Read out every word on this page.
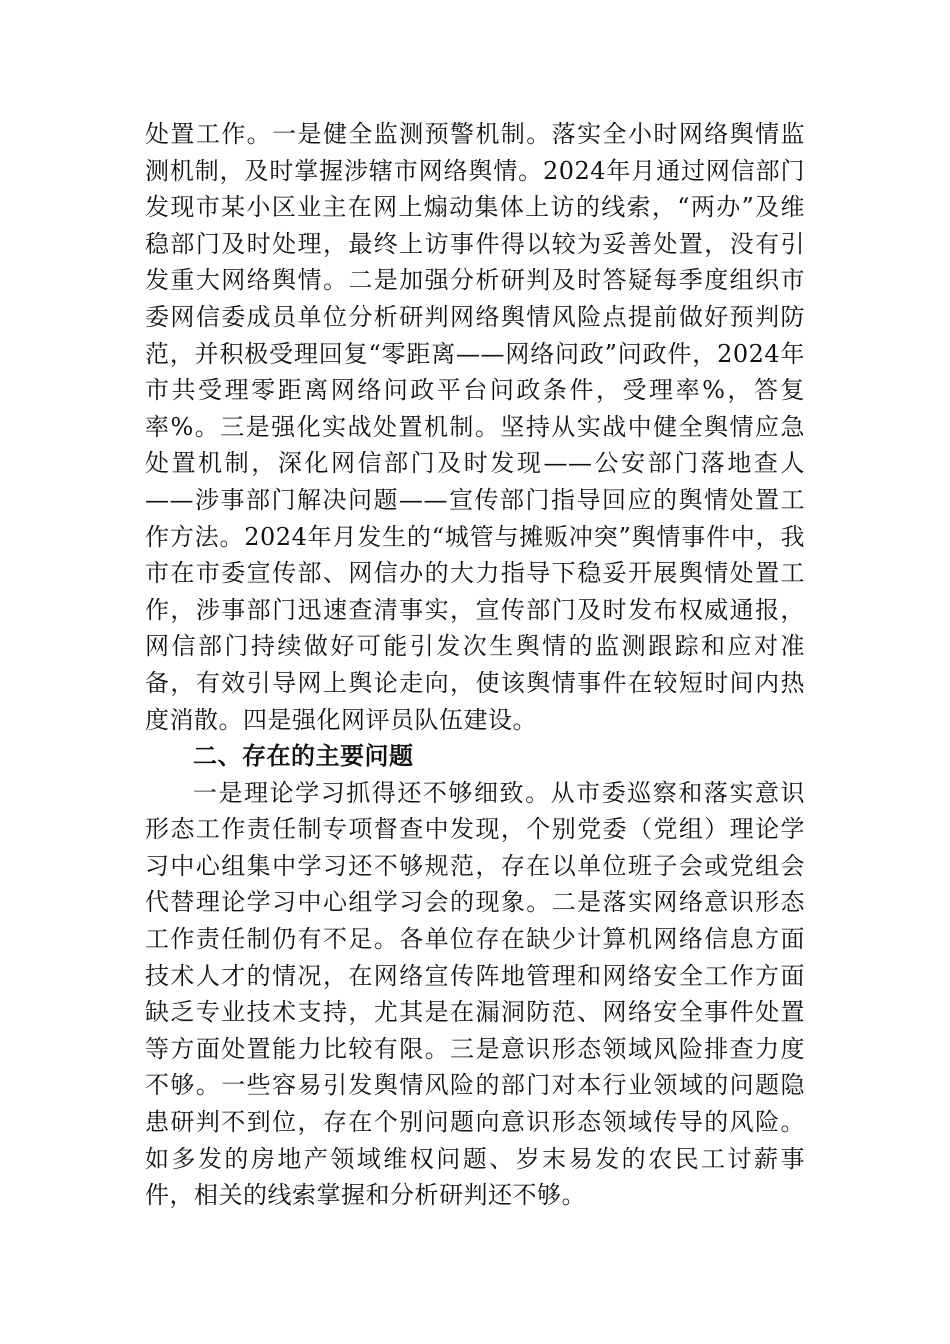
处置工作。一是健全监测预警机制。落实全小时网络舆情监测机制，及时掌握涉辖市网络舆情。2024年月通过网信部门发现市某小区业主在网上煽动集体上访的线索，“两办”及维稳部门及时处理，最终上访事件得以较为妥善处置，没有引发重大网络舆情。二是加强分析研判及时答疑每季度组织市委网信委成员单位分析研判网络舆情风险点提前做好预判防范，并积极受理回复“零距离——网络问政”问政件，2024年市共受理零距离网络问政平台问政条件，受理率%，答复率%。三是强化实战处置机制。坚持从实战中健全舆情应急处置机制，深化网信部门及时发现——公安部门落地查人——涉事部门解决问题——宣传部门指导回应的舆情处置工作方法。2024年月发生的“城管与摊贩冲突”舆情事件中，我市在市委宣传部、网信办的大力指导下稳妥开展舆情处置工作，涉事部门迅速查清事实，宣传部门及时发布权威通报，网信部门持续做好可能引发次生舆情的监测跟踪和应对准备，有效引导网上舆论走向，使该舆情事件在较短时间内热度消散。四是强化网评员队伍建设。

二、存在的主要问题

一是理论学习抓得还不够细致。从市委巡察和落实意识形态工作责任制专项督查中发现，个别党委（党组）理论学习中心组集中学习还不够规范，存在以单位班子会或党组会代替理论学习中心组学习会的现象。二是落实网络意识形态工作责任制仍有不足。各单位存在缺少计算机网络信息方面技术人才的情况，在网络宣传阵地管理和网络安全工作方面缺乏专业技术支持，尤其是在漏洞防范、网络安全事件处置等方面处置能力比较有限。三是意识形态领域风险排查力度不够。一些容易引发舆情风险的部门对本行业领域的问题隐患研判不到位，存在个别问题向意识形态领域传导的风险。如多发的房地产领域维权问题、岁末易发的农民工讨薪事件，相关的线索掌握和分析研判还不够。
